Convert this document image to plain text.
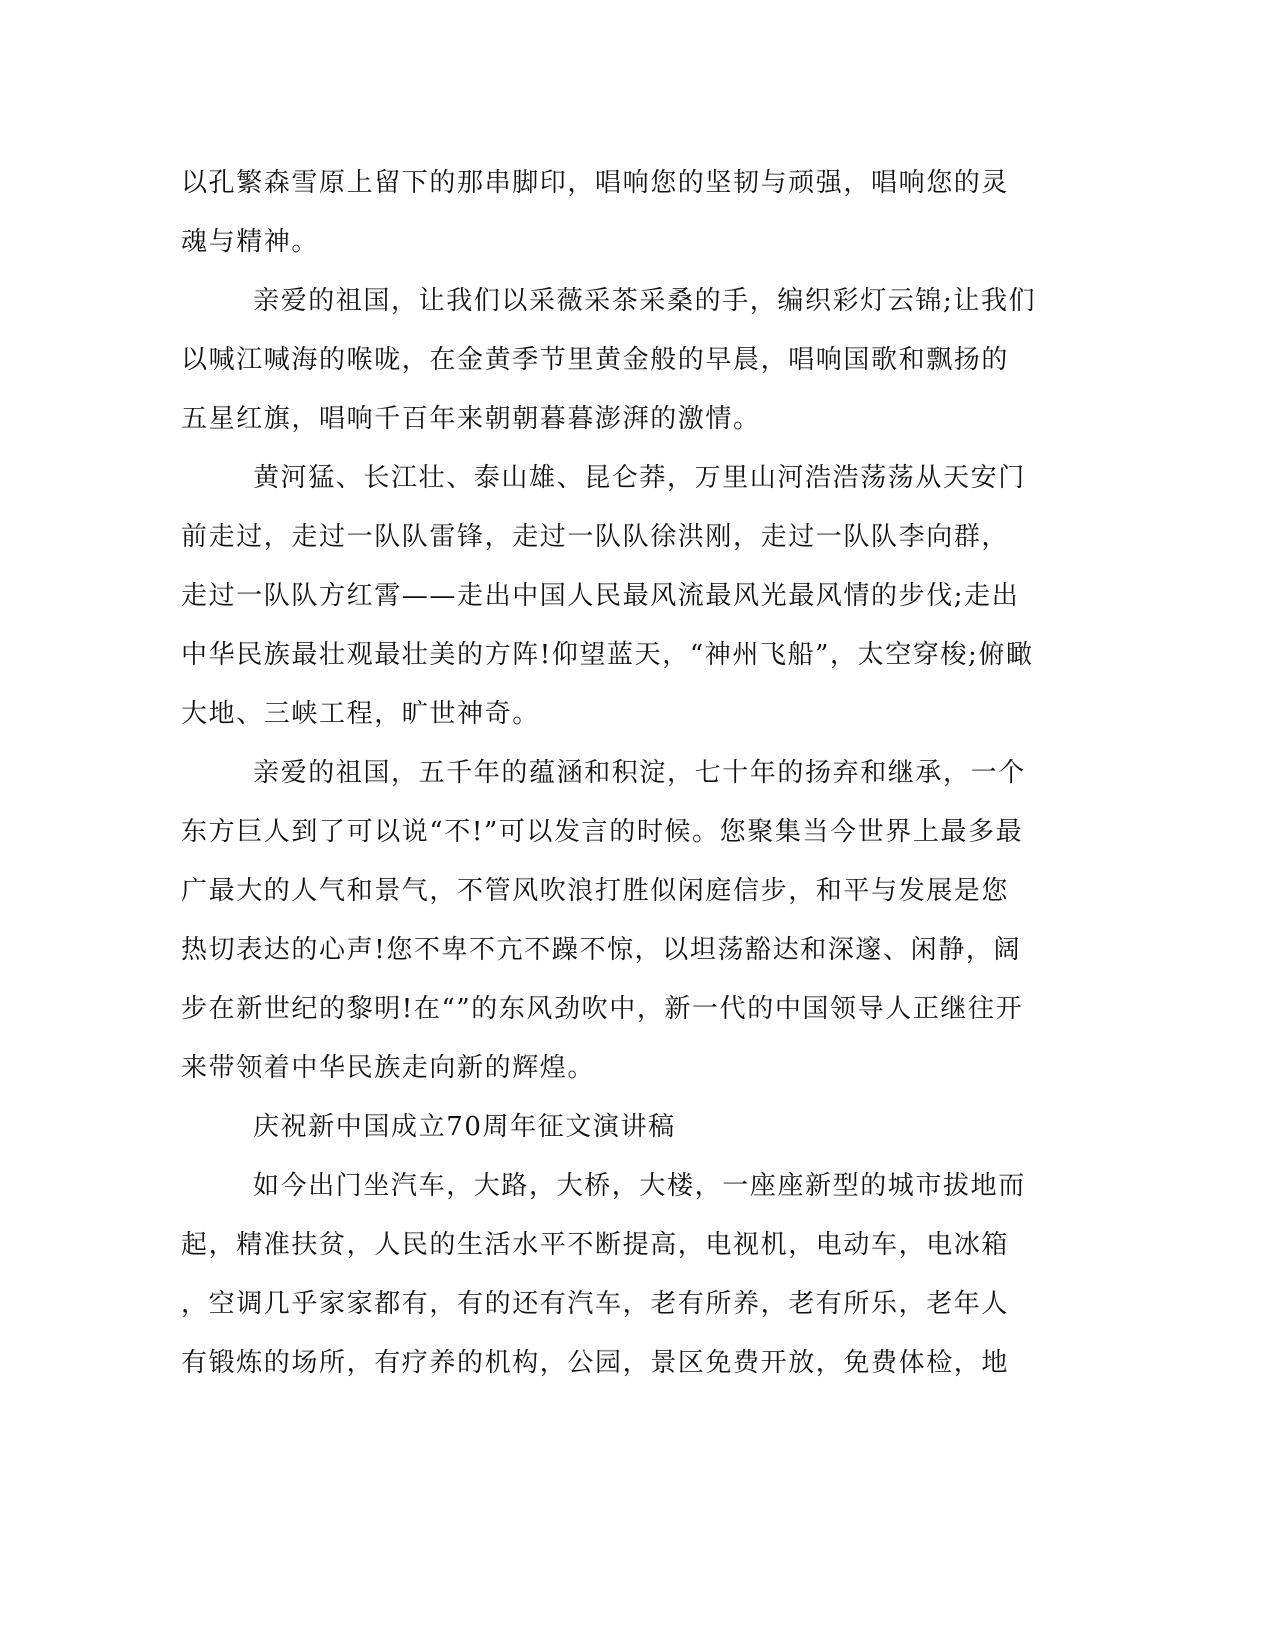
以孔繁森雪原上留下的那串脚印，唱响您的坚韧与顽强，唱响您的灵
魂与精神。
亲爱的祖国，让我们以采薇采茶采桑的手，编织彩灯云锦;让我们
以喊江喊海的喉咙，在金黄季节里黄金般的早晨，唱响国歌和飘扬的
五星红旗，唱响千百年来朝朝暮暮澎湃的激情。
黄河猛、长江壮、泰山雄、昆仑莽，万里山河浩浩荡荡从天安门
前走过，走过一队队雷锋，走过一队队徐洪刚，走过一队队李向群，
走过一队队方红霄——走出中国人民最风流最风光最风情的步伐;走出
中华民族最壮观最壮美的方阵!仰望蓝天，“神州飞船”，太空穿梭;俯瞰
大地、三峡工程，旷世神奇。
亲爱的祖国，五千年的蕴涵和积淀，七十年的扬弃和继承，一个
东方巨人到了可以说“不!”可以发言的时候。您聚集当今世界上最多最
广最大的人气和景气，不管风吹浪打胜似闲庭信步，和平与发展是您
热切表达的心声!您不卑不亢不躁不惊，以坦荡豁达和深邃、闲静，阔
步在新世纪的黎明!在“”的东风劲吹中，新一代的中国领导人正继往开
来带领着中华民族走向新的辉煌。
庆祝新中国成立70周年征文演讲稿
如今出门坐汽车，大路，大桥，大楼，一座座新型的城市拔地而
起，精准扶贫，人民的生活水平不断提高，电视机，电动车，电冰箱
，空调几乎家家都有，有的还有汽车，老有所养，老有所乐，老年人
有锻炼的场所，有疗养的机构，公园，景区免费开放，免费体检，地
